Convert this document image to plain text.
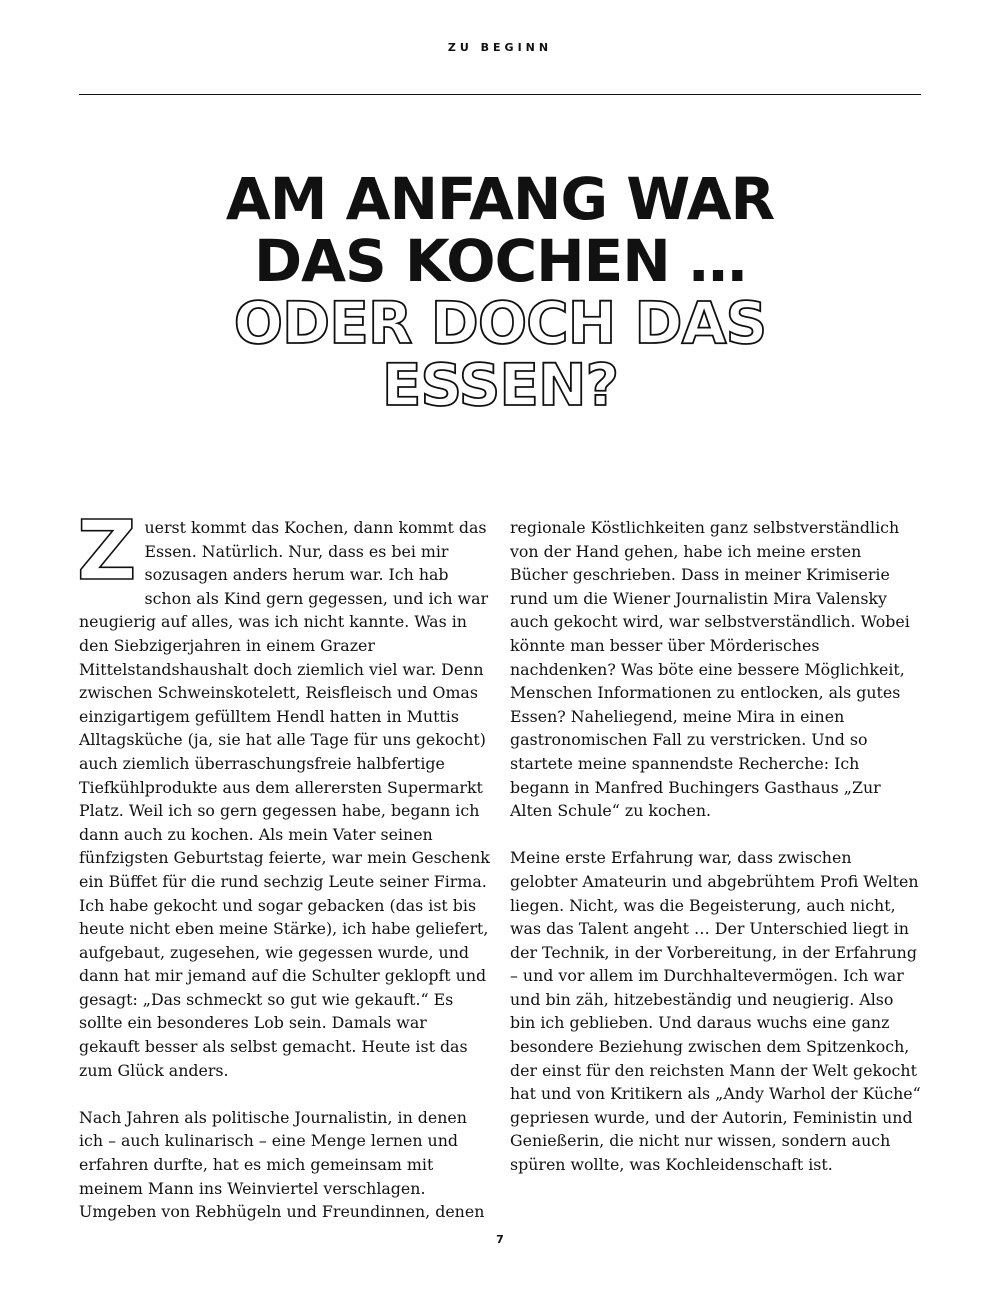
ZU BEGINN
AM ANFANG WAR
DAS KOCHEN …
ODER DOCH DAS
ESSEN?

Zuerst kommt das Kochen, dann kommt das Essen. Natürlich. Nur, dass es bei mir sozusagen anders herum war. Ich hab schon als Kind gern gegessen, und ich war neugierig auf alles, was ich nicht kannte. Was in den Siebzigerjahren in einem Grazer Mittelstandshaushalt doch ziemlich viel war. Denn zwischen Schweinskotelett, Reisfleisch und Omas einzigartigem gefülltem Hendl hatten in Muttis Alltagsküche (ja, sie hat alle Tage für uns gekocht) auch ziemlich überraschungsfreie halbfertige Tiefkühlprodukte aus dem allerersten Supermarkt Platz. Weil ich so gern gegessen habe, begann ich dann auch zu kochen. Als mein Vater seinen fünfzigsten Geburtstag feierte, war mein Geschenk ein Büffet für die rund sechzig Leute seiner Firma. Ich habe gekocht und sogar gebacken (das ist bis heute nicht eben meine Stärke), ich habe geliefert, aufgebaut, zugesehen, wie gegessen wurde, und dann hat mir jemand auf die Schulter geklopft und gesagt: „Das schmeckt so gut wie gekauft.“ Es sollte ein besonderes Lob sein. Damals war gekauft besser als selbst gemacht. Heute ist das zum Glück anders.

Nach Jahren als politische Journalistin, in denen ich – auch kulinarisch – eine Menge lernen und erfahren durfte, hat es mich gemeinsam mit meinem Mann ins Weinviertel verschlagen. Umgeben von Rebhügeln und Freundinnen, denen

regionale Köstlichkeiten ganz selbstverständlich von der Hand gehen, habe ich meine ersten Bücher geschrieben. Dass in meiner Krimiserie rund um die Wiener Journalistin Mira Valensky auch gekocht wird, war selbstverständlich. Wobei könnte man besser über Mörderisches nachdenken? Was böte eine bessere Möglichkeit, Menschen Informationen zu entlocken, als gutes Essen? Naheliegend, meine Mira in einen gastronomischen Fall zu verstricken. Und so startete meine spannendste Recherche: Ich begann in Manfred Buchingers Gasthaus „Zur Alten Schule“ zu kochen.

Meine erste Erfahrung war, dass zwischen gelobter Amateurin und abgebrühtem Profi Welten liegen. Nicht, was die Begeisterung, auch nicht, was das Talent angeht … Der Unterschied liegt in der Technik, in der Vorbereitung, in der Erfahrung – und vor allem im Durchhaltevermögen. Ich war und bin zäh, hitzebeständig und neugierig. Also bin ich geblieben. Und daraus wuchs eine ganz besondere Beziehung zwischen dem Spitzenkoch, der einst für den reichsten Mann der Welt gekocht hat und von Kritikern als „Andy Warhol der Küche“ gepriesen wurde, und der Autorin, Feministin und Genießerin, die nicht nur wissen, sondern auch spüren wollte, was Kochleidenschaft ist.

7
